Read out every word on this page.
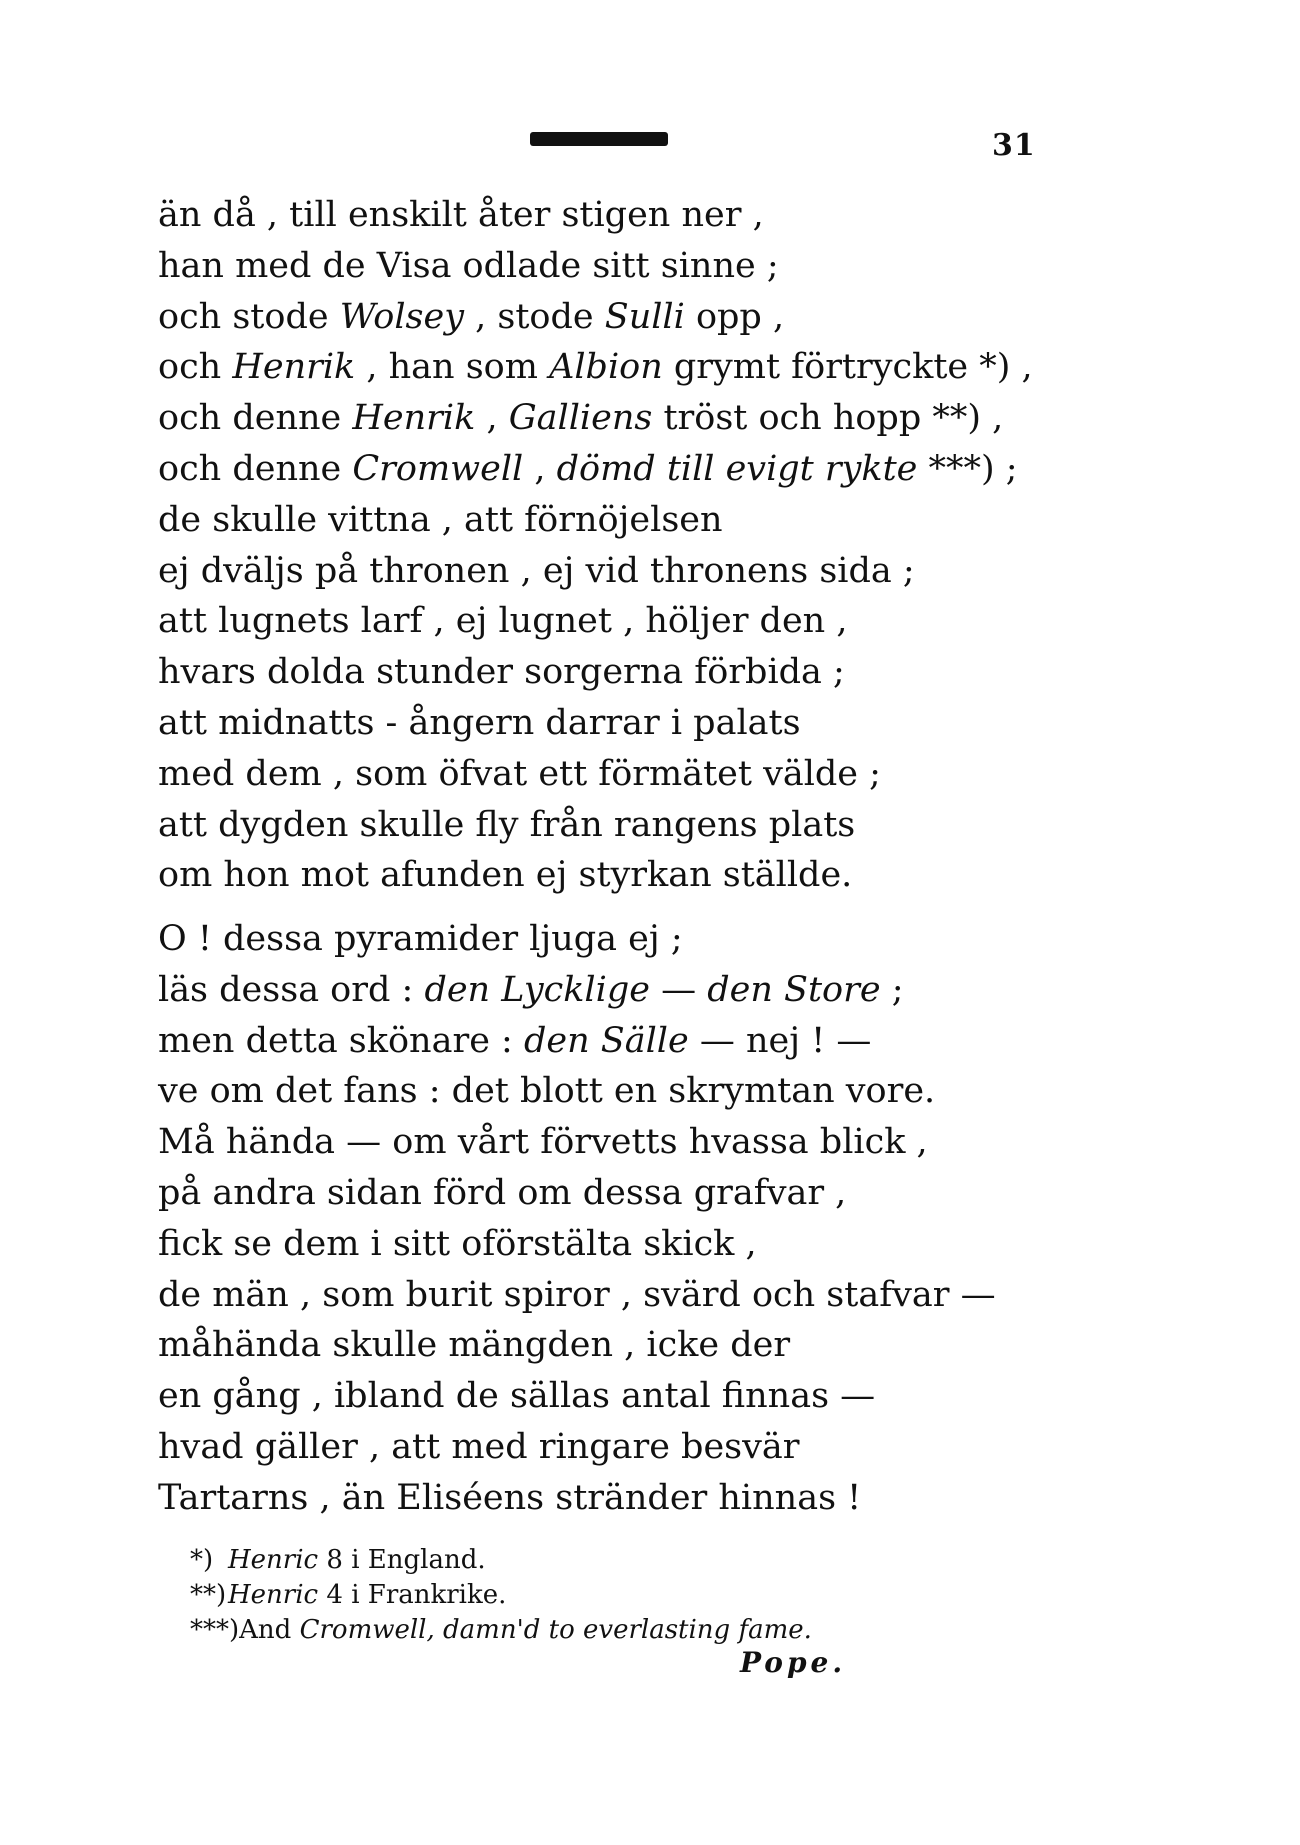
31
än då , till enskilt åter stigen ner ,
han med de Visa odlade sitt sinne ;
och stode Wolsey , stode Sulli opp ,
och Henrik , han som Albion grymt förtryckte *) ,
och denne Henrik , Galliens tröst och hopp **) ,
och denne Cromwell , dömd till evigt rykte ***) ;
de skulle vittna , att förnöjelsen
ej dväljs på thronen , ej vid thronens sida ;
att lugnets larf , ej lugnet , höljer den ,
hvars dolda stunder sorgerna förbida ;
att midnatts - ångern darrar i palats
med dem , som öfvat ett förmätet välde ;
att dygden skulle fly från rangens plats
om hon mot afunden ej styrkan ställde.
O ! dessa pyramider ljuga ej ;
läs dessa ord : den Lycklige — den Store ;
men detta skönare : den Sälle — nej ! —
ve om det fans : det blott en skrymtan vore.
Må hända — om vårt förvetts hvassa blick ,
på andra sidan förd om dessa grafvar ,
fick se dem i sitt oförstälta skick ,
de män , som burit spiror , svärd och stafvar —
måhända skulle mängden , icke der
en gång , ibland de sällas antal finnas —
hvad gäller , att med ringare besvär
Tartarns , än Eliséens stränder hinnas !
*) Henric 8 i England.
**)Henric 4 i Frankrike.
***)And Cromwell, damn'd to everlasting fame.
Pope.
